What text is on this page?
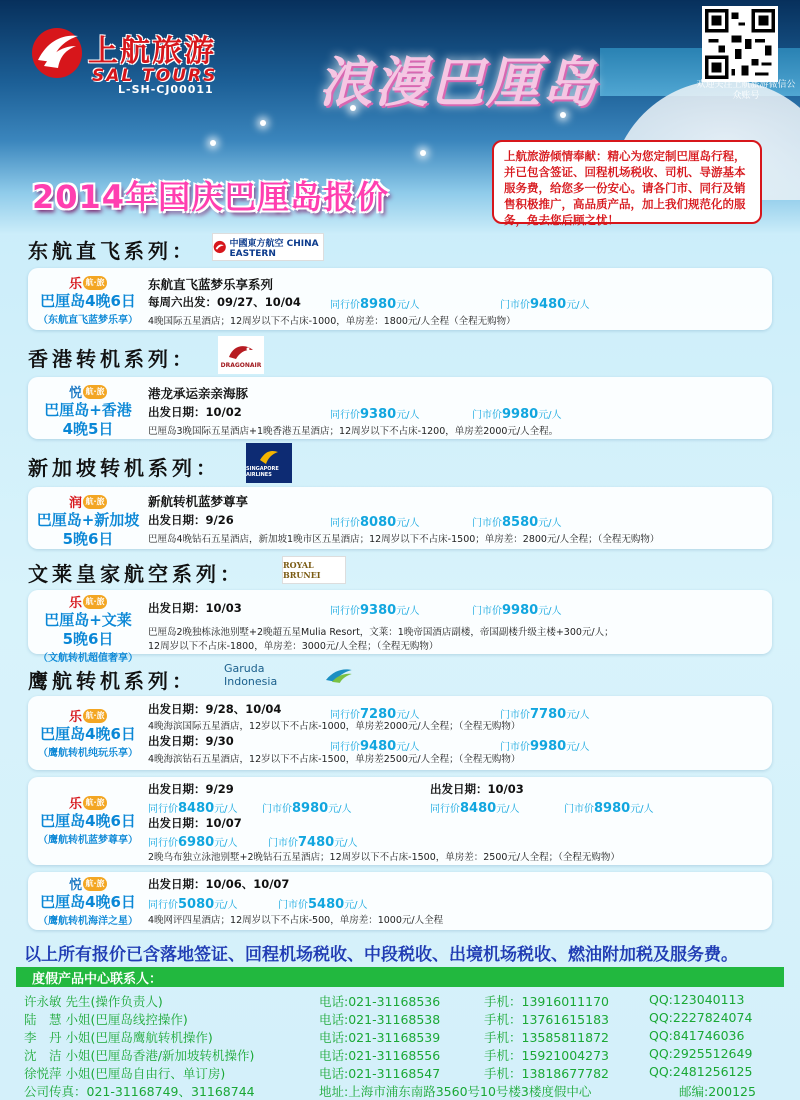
上航旅游
SAL TOURS
L-SH-CJ00011 浪漫巴厘岛	欢迎关注上航旅游微信公众账号
2014年国庆巴厘岛报价
上航旅游倾情奉献：精心为您定制巴厘岛行程，并已包含签证、回程机场税收、司机、导游基本服务费，给您多一份安心。请各门市、同行及销售积极推广，高品质产品，加上我们规范化的服务，免去您后顾之忧！
东航直飞系列：	中國東方航空 CHINA EASTERN
乐 航·旅
巴厘岛4晚6日
（东航直飞蓝梦乐享）
东航直飞蓝梦乐享系列
每周六出发：09/27、10/04	同行价8980元/人	门市价9480元/人
4晚国际五星酒店；12周岁以下不占床-1000，单房差：1800元/人全程（全程无购物）
香港转机系列：	DRAGONAIR
悦 航·旅
巴厘岛+香港
4晚5日
港龙承运亲亲海豚
出发日期：10/02	同行价9380元/人	门市价9980元/人
巴厘岛3晚国际五星酒店+1晚香港五星酒店；12周岁以下不占床-1200，单房差2000元/人全程。
新加坡转机系列：	SINGAPORE AIRLINES
润 航·旅
巴厘岛+新加坡
5晚6日
新航转机蓝梦尊享
出发日期：9/26	同行价8080元/人	门市价8580元/人
巴厘岛4晚钻石五星酒店，新加坡1晚市区五星酒店；12周岁以下不占床-1500；单房差：2800元/人全程；（全程无购物）
文莱皇家航空系列：	ROYAL BRUNEI
乐 航·旅
巴厘岛+文莱
5晚6日
（文航转机超值奢享）
出发日期：10/03	同行价9380元/人	门市价9980元/人
巴厘岛2晚独栋泳池别墅+2晚超五星Mulia Resort，文莱：1晚帝国酒店副楼，帝国副楼升级主楼+300元/人；
12周岁以下不占床-1800，单房差：3000元/人全程；（全程无购物）
鹰航转机系列：
Garuda Indonesia
乐 航·旅
巴厘岛4晚6日
（鹰航转机纯玩乐享）
出发日期：9/28、10/04	同行价7280元/人	门市价7780元/人
4晚海滨国际五星酒店，12岁以下不占床-1000，单房差2000元/人全程；（全程无购物）
出发日期：9/30	同行价9480元/人	门市价9980元/人
4晚海滨钻石五星酒店，12岁以下不占床-1500，单房差2500元/人全程；（全程无购物）
乐 航·旅
巴厘岛4晚6日
（鹰航转机蓝梦尊享）
出发日期：9/29
同行价8480元/人 门市价8980元/人
出发日期：10/03
同行价8480元/人	门市价8980元/人
出发日期：10/07
同行价6980元/人	门市价7480元/人
2晚乌布独立泳池别墅+2晚钻石五星酒店；12周岁以下不占床-1500，单房差：2500元/人全程；（全程无购物）
悦 航·旅
巴厘岛4晚6日
（鹰航转机海洋之星）
出发日期：10/06、10/07
同行价5080元/人	门市价5480元/人
4晚网评四星酒店；12周岁以下不占床-500，单房差：1000元/人全程
以上所有报价已含落地签证、回程机场税收、中段税收、出境机场税收、燃油附加税及服务费。
度假产品中心联系人：
许永敏 先生(操作负责人)	电话:021-31168536	手机：13916011170	QQ:123040113
陆　慧 小姐(巴厘岛线控操作)	电话:021-31168538	手机：13761615183	QQ:2227824074
李　丹 小姐(巴厘岛鹰航转机操作)	电话:021-31168539	手机：13585811872	QQ:841746036
沈　洁 小姐(巴厘岛香港/新加坡转机操作)	电话:021-31168556	手机：15921004273	QQ:2925512649
徐悦萍 小姐(巴厘岛自由行、单订房)	电话:021-31168547	手机：13818677782	QQ:2481256125
公司传真：021-31168749、31168744	地址:上海市浦东南路3560号10号楼3楼度假中心	邮编:200125
